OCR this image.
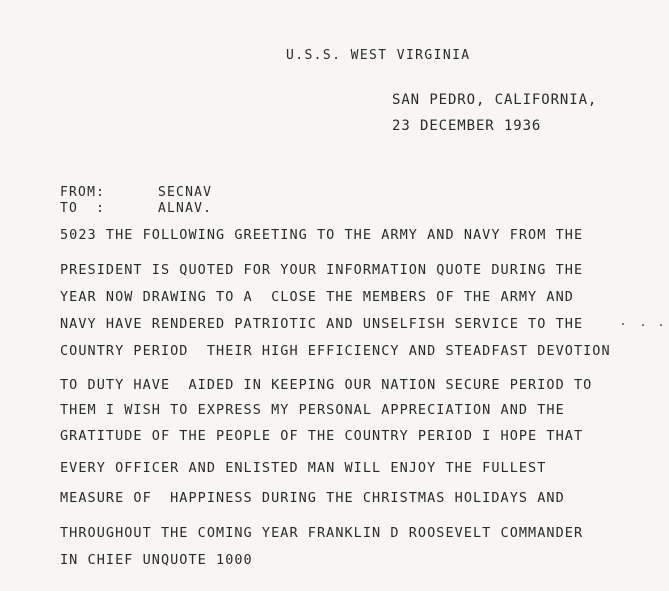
U.S.S. WEST VIRGINIA
SAN PEDRO, CALIFORNIA,
23 DECEMBER 1936
FROM:	SECNAV
TO  :	ALNAV.
5023 THE FOLLOWING GREETING TO THE ARMY AND NAVY FROM THE
PRESIDENT IS QUOTED FOR YOUR INFORMATION QUOTE DURING THE
YEAR NOW DRAWING TO A  CLOSE THE MEMBERS OF THE ARMY AND
NAVY HAVE RENDERED PATRIOTIC AND UNSELFISH SERVICE TO THE
COUNTRY PERIOD  THEIR HIGH EFFICIENCY AND STEADFAST DEVOTION
TO DUTY HAVE  AIDED IN KEEPING OUR NATION SECURE PERIOD TO
THEM I WISH TO EXPRESS MY PERSONAL APPRECIATION AND THE
GRATITUDE OF THE PEOPLE OF THE COUNTRY PERIOD I HOPE THAT
EVERY OFFICER AND ENLISTED MAN WILL ENJOY THE FULLEST
MEASURE OF  HAPPINESS DURING THE CHRISTMAS HOLIDAYS AND
THROUGHOUT THE COMING YEAR FRANKLIN D ROOSEVELT COMMANDER
IN CHIEF UNQUOTE 1000
